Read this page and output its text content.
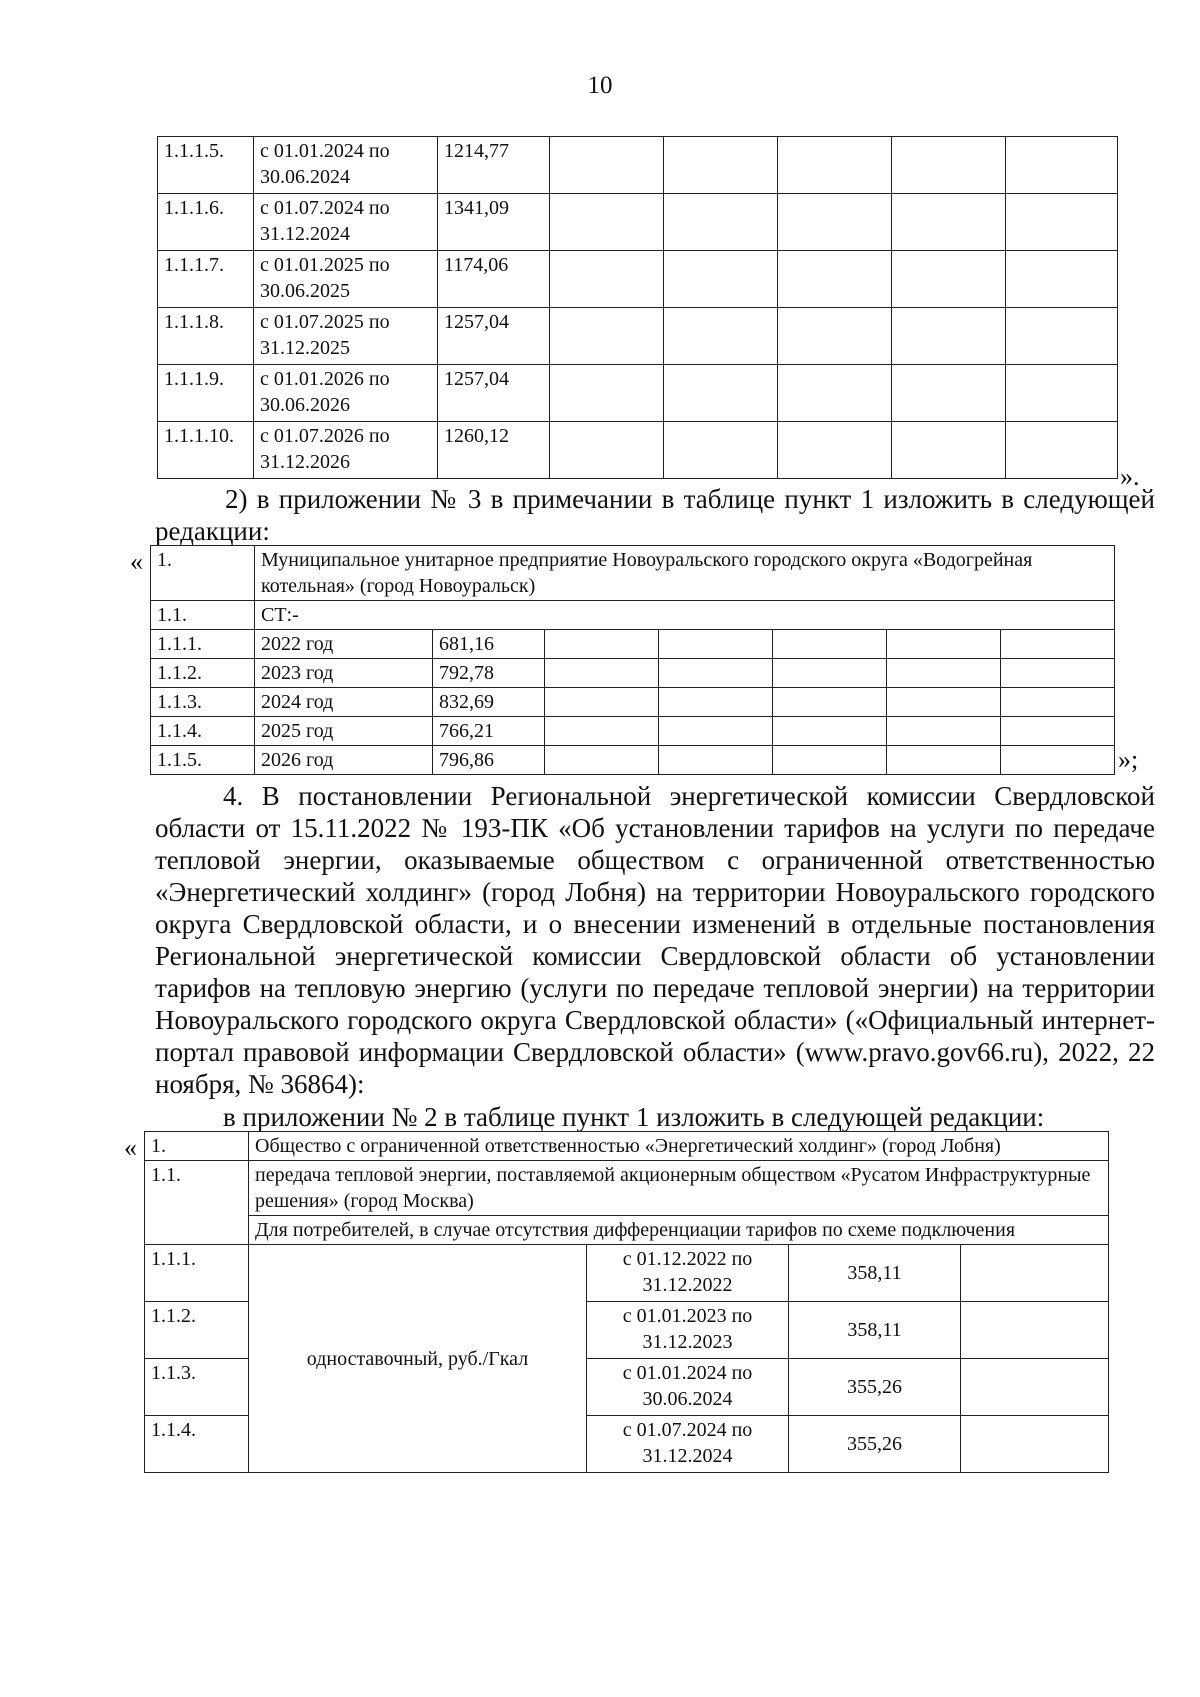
10
1.1.1.5.	с 01.01.2024 по 30.06.2024	1214,77					
1.1.1.6.	с 01.07.2024 по 31.12.2024	1341,09					
1.1.1.7.	с 01.01.2025 по 30.06.2025	1174,06					
1.1.1.8.	с 01.07.2025 по 31.12.2025	1257,04					
1.1.1.9.	с 01.01.2026 по 30.06.2026	1257,04					
1.1.1.10.	с 01.07.2026 по 31.12.2026	1260,12					
».
2) в приложении № 3 в примечании в таблице пункт 1 изложить в следующей редакции:
« 1.	Муниципальное унитарное предприятие Новоуральского городского округа «Водогрейная котельная» (город Новоуральск)						
1.1.	СТ:-						
1.1.1.	2022 год	681,16					
1.1.2.	2023 год	792,78					
1.1.3.	2024 год	832,69					
1.1.4.	2025 год	766,21					
1.1.5.	2026 год	796,86						»;
4. В постановлении Региональной энергетической комиссии Свердловской области от 15.11.2022 № 193-ПК «Об установлении тарифов на услуги по передаче тепловой энергии, оказываемые обществом с ограниченной ответственностью «Энергетический холдинг» (город Лобня) на территории Новоуральского городского округа Свердловской области, и о внесении изменений в отдельные постановления Региональной энергетической комиссии Свердловской области об установлении тарифов на тепловую энергию (услуги по передаче тепловой энергии) на территории Новоуральского городского округа Свердловской области» («Официальный интернет-портал правовой информации Свердловской области» (www.pravo.gov66.ru), 2022, 22 ноября, № 36864):
в приложении № 2 в таблице пункт 1 изложить в следующей редакции:
« 1.	Общество с ограниченной ответственностью «Энергетический холдинг» (город Лобня)			
1.1.	передача тепловой энергии, поставляемой акционерным обществом «Русатом Инфраструктурные решения» (город Москва)			
	Для потребителей, в случае отсутствия дифференциации тарифов по схеме подключения			
1.1.1.	одноставочный, руб./Гкал	с 01.12.2022 по 31.12.2022	358,11	
1.1.2.		с 01.01.2023 по 31.12.2023	358,11	
1.1.3.		с 01.01.2024 по 30.06.2024	355,26	
1.1.4.		с 01.07.2024 по 31.12.2024	355,26	
